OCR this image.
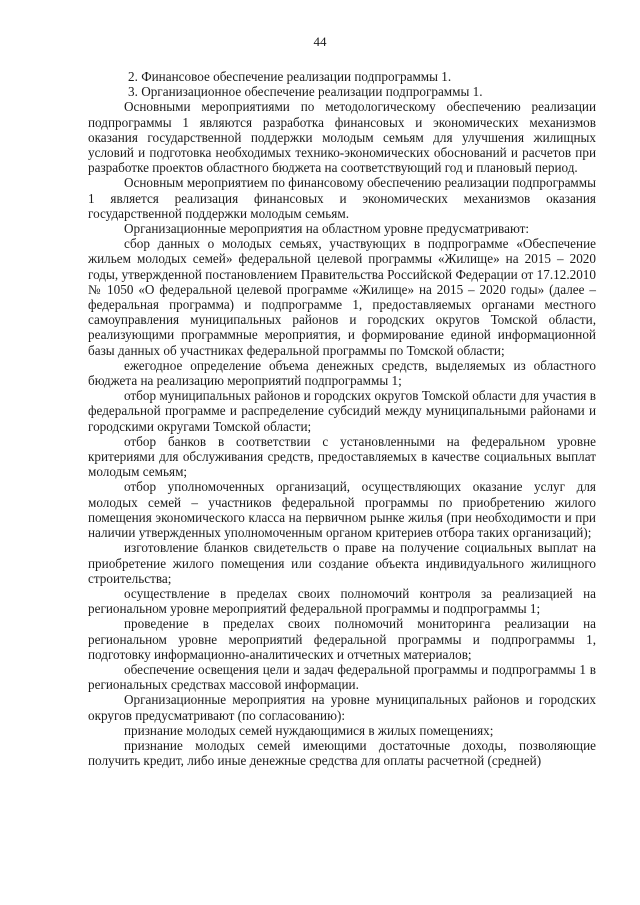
44

2. Финансовое обеспечение реализации подпрограммы 1.

3. Организационное обеспечение реализации подпрограммы 1.

Основными мероприятиями по методологическому обеспечению реализации подпрограммы 1 являются разработка финансовых и экономических механизмов оказания государственной поддержки молодым семьям для улучшения жилищных условий и подготовка необходимых технико-экономических обоснований и расчетов при разработке проектов областного бюджета на соответствующий год и плановый период.

Основным мероприятием по финансовому обеспечению реализации подпрограммы 1 является реализация финансовых и экономических механизмов оказания государственной поддержки молодым семьям.

Организационные мероприятия на областном уровне предусматривают:

сбор данных о молодых семьях, участвующих в подпрограмме «Обеспечение жильем молодых семей» федеральной целевой программы «Жилище» на 2015 – 2020 годы, утвержденной постановлением Правительства Российской Федерации от 17.12.2010 № 1050 «О федеральной целевой программе «Жилище» на 2015 – 2020 годы» (далее – федеральная программа) и подпрограмме 1, предоставляемых органами местного самоуправления муниципальных районов и городских округов Томской области, реализующими программные мероприятия, и формирование единой информационной базы данных об участниках федеральной программы по Томской области;

ежегодное определение объема денежных средств, выделяемых из областного бюджета на реализацию мероприятий подпрограммы 1;

отбор муниципальных районов и городских округов Томской области для участия в федеральной программе и распределение субсидий между муниципальными районами и городскими округами Томской области;

отбор банков в соответствии с установленными на федеральном уровне критериями для обслуживания средств, предоставляемых в качестве социальных выплат молодым семьям;

отбор уполномоченных организаций, осуществляющих оказание услуг для молодых семей – участников федеральной программы по приобретению жилого помещения экономического класса на первичном рынке жилья (при необходимости и при наличии утвержденных уполномоченным органом критериев отбора таких организаций);

изготовление бланков свидетельств о праве на получение социальных выплат на приобретение жилого помещения или создание объекта индивидуального жилищного строительства;

осуществление в пределах своих полномочий контроля за реализацией на региональном уровне мероприятий федеральной программы и подпрограммы 1;

проведение в пределах своих полномочий мониторинга реализации на региональном уровне мероприятий федеральной программы и подпрограммы 1, подготовку информационно-аналитических и отчетных материалов;

обеспечение освещения цели и задач федеральной программы и подпрограммы 1 в региональных средствах массовой информации.

Организационные мероприятия на уровне муниципальных районов и городских округов предусматривают (по согласованию):

признание молодых семей нуждающимися в жилых помещениях;

признание молодых семей имеющими достаточные доходы, позволяющие получить кредит, либо иные денежные средства для оплаты расчетной (средней)
